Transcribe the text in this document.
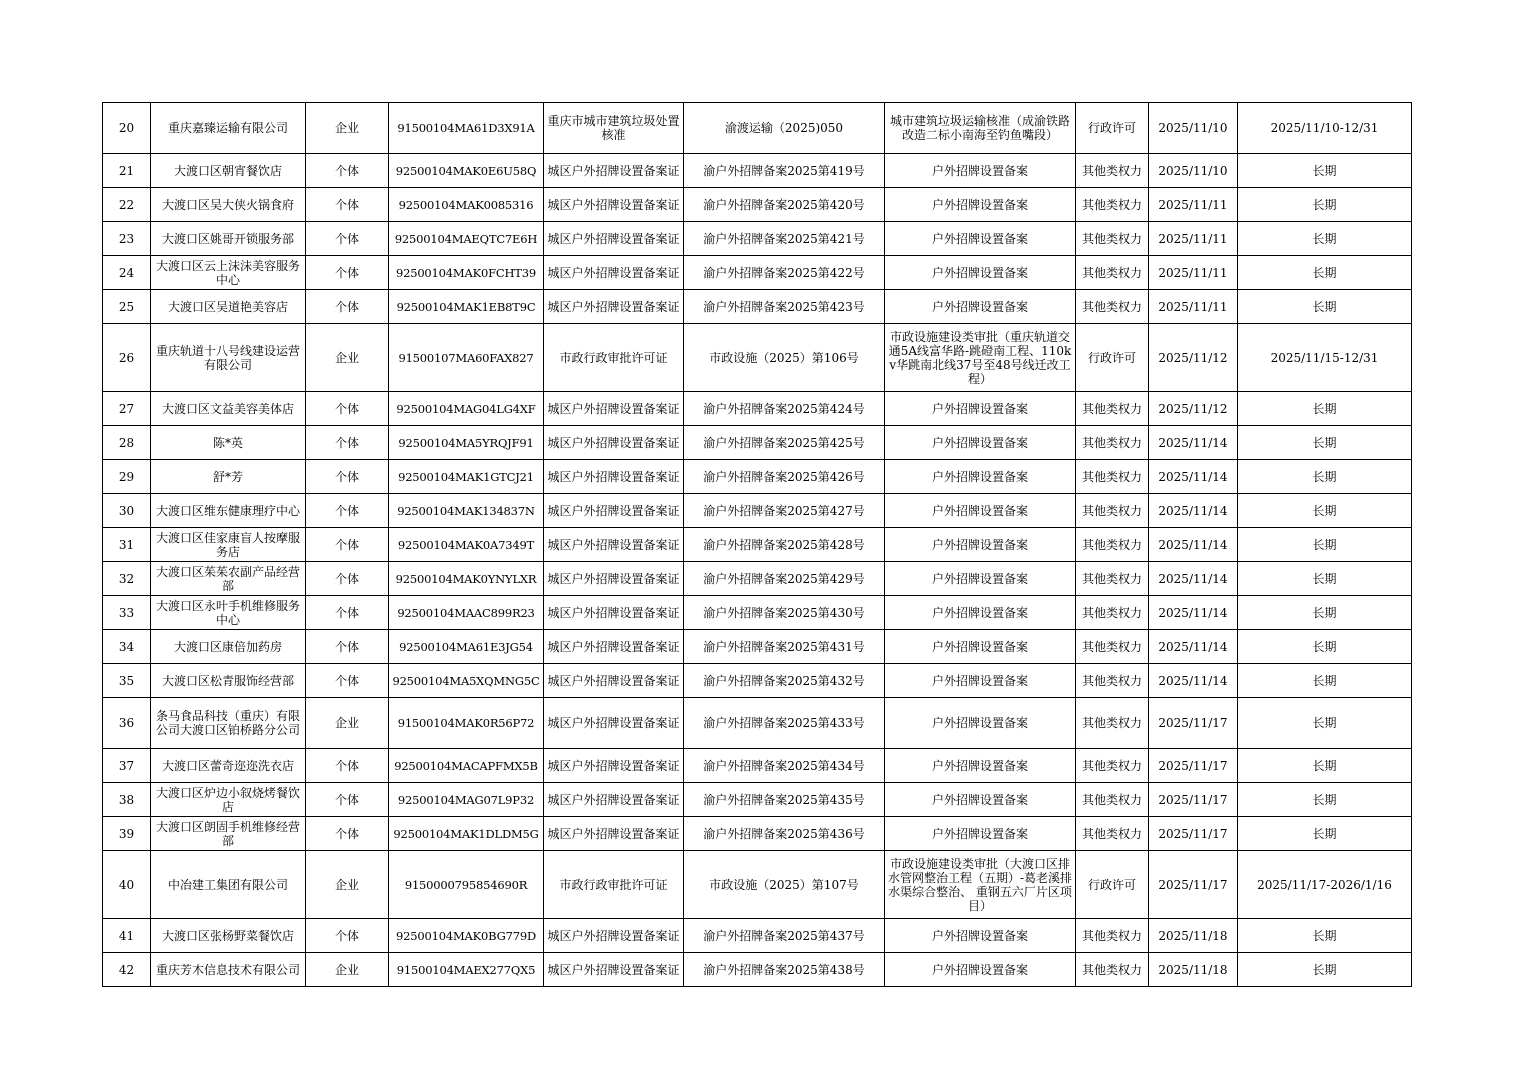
20	重庆嘉臻运输有限公司	企业	91500104MA61D3X91A	重庆市城市建筑垃圾处置核准	渝渡运输（2025)050	城市建筑垃圾运输核准（成渝铁路改造二标小南海至钓鱼嘴段）	行政许可	2025/11/10	2025/11/10-12/31
21	大渡口区朝宵餐饮店	个体	92500104MAK0E6U58Q	城区户外招牌设置备案证	渝户外招牌备案2025第419号	户外招牌设置备案	其他类权力	2025/11/10	长期
22	大渡口区吴大侠火锅食府	个体	92500104MAK0085316	城区户外招牌设置备案证	渝户外招牌备案2025第420号	户外招牌设置备案	其他类权力	2025/11/11	长期
23	大渡口区姚哥开锁服务部	个体	92500104MAEQTC7E6H	城区户外招牌设置备案证	渝户外招牌备案2025第421号	户外招牌设置备案	其他类权力	2025/11/11	长期
24	大渡口区云上沫沫美容服务中心	个体	92500104MAK0FCHT39	城区户外招牌设置备案证	渝户外招牌备案2025第422号	户外招牌设置备案	其他类权力	2025/11/11	长期
25	大渡口区吴道艳美容店	个体	92500104MAK1EB8T9C	城区户外招牌设置备案证	渝户外招牌备案2025第423号	户外招牌设置备案	其他类权力	2025/11/11	长期
26	重庆轨道十八号线建设运营有限公司	企业	91500107MA60FAX827	市政行政审批许可证	市政设施（2025）第106号	市政设施建设类审批（重庆轨道交通5A线富华路-跳磴南工程、110kv华跳南北线37号至48号线迁改工程）	行政许可	2025/11/12	2025/11/15-12/31
27	大渡口区文益美容美体店	个体	92500104MAG04LG4XF	城区户外招牌设置备案证	渝户外招牌备案2025第424号	户外招牌设置备案	其他类权力	2025/11/12	长期
28	陈*英	个体	92500104MA5YRQJF91	城区户外招牌设置备案证	渝户外招牌备案2025第425号	户外招牌设置备案	其他类权力	2025/11/14	长期
29	舒*芳	个体	92500104MAK1GTCJ21	城区户外招牌设置备案证	渝户外招牌备案2025第426号	户外招牌设置备案	其他类权力	2025/11/14	长期
30	大渡口区维东健康理疗中心	个体	92500104MAK134837N	城区户外招牌设置备案证	渝户外招牌备案2025第427号	户外招牌设置备案	其他类权力	2025/11/14	长期
31	大渡口区佳家康盲人按摩服务店	个体	92500104MAK0A7349T	城区户外招牌设置备案证	渝户外招牌备案2025第428号	户外招牌设置备案	其他类权力	2025/11/14	长期
32	大渡口区茱茱农副产品经营部	个体	92500104MAK0YNYLXR	城区户外招牌设置备案证	渝户外招牌备案2025第429号	户外招牌设置备案	其他类权力	2025/11/14	长期
33	大渡口区永叶手机维修服务中心	个体	92500104MAAC899R23	城区户外招牌设置备案证	渝户外招牌备案2025第430号	户外招牌设置备案	其他类权力	2025/11/14	长期
34	大渡口区康倍加药房	个体	92500104MA61E3JG54	城区户外招牌设置备案证	渝户外招牌备案2025第431号	户外招牌设置备案	其他类权力	2025/11/14	长期
35	大渡口区松青服饰经营部	个体	92500104MA5XQMNG5C	城区户外招牌设置备案证	渝户外招牌备案2025第432号	户外招牌设置备案	其他类权力	2025/11/14	长期
36	条马食品科技（重庆）有限公司大渡口区铂桥路分公司	企业	91500104MAK0R56P72	城区户外招牌设置备案证	渝户外招牌备案2025第433号	户外招牌设置备案	其他类权力	2025/11/17	长期
37	大渡口区蕾奇迩迩洗衣店	个体	92500104MACAPFMX5B	城区户外招牌设置备案证	渝户外招牌备案2025第434号	户外招牌设置备案	其他类权力	2025/11/17	长期
38	大渡口区炉边小叙烧烤餐饮店	个体	92500104MAG07L9P32	城区户外招牌设置备案证	渝户外招牌备案2025第435号	户外招牌设置备案	其他类权力	2025/11/17	长期
39	大渡口区朗固手机维修经营部	个体	92500104MAK1DLDM5G	城区户外招牌设置备案证	渝户外招牌备案2025第436号	户外招牌设置备案	其他类权力	2025/11/17	长期
40	中冶建工集团有限公司	企业	9150000795854690R	市政行政审批许可证	市政设施（2025）第107号	市政设施建设类审批（大渡口区排水管网整治工程（五期）-葛老溪排水渠综合整治、 重钢五六厂片区项目）	行政许可	2025/11/17	2025/11/17-2026/1/16
41	大渡口区张杨野菜餐饮店	个体	92500104MAK0BG779D	城区户外招牌设置备案证	渝户外招牌备案2025第437号	户外招牌设置备案	其他类权力	2025/11/18	长期
42	重庆芳木信息技术有限公司	企业	91500104MAEX277QX5	城区户外招牌设置备案证	渝户外招牌备案2025第438号	户外招牌设置备案	其他类权力	2025/11/18	长期
